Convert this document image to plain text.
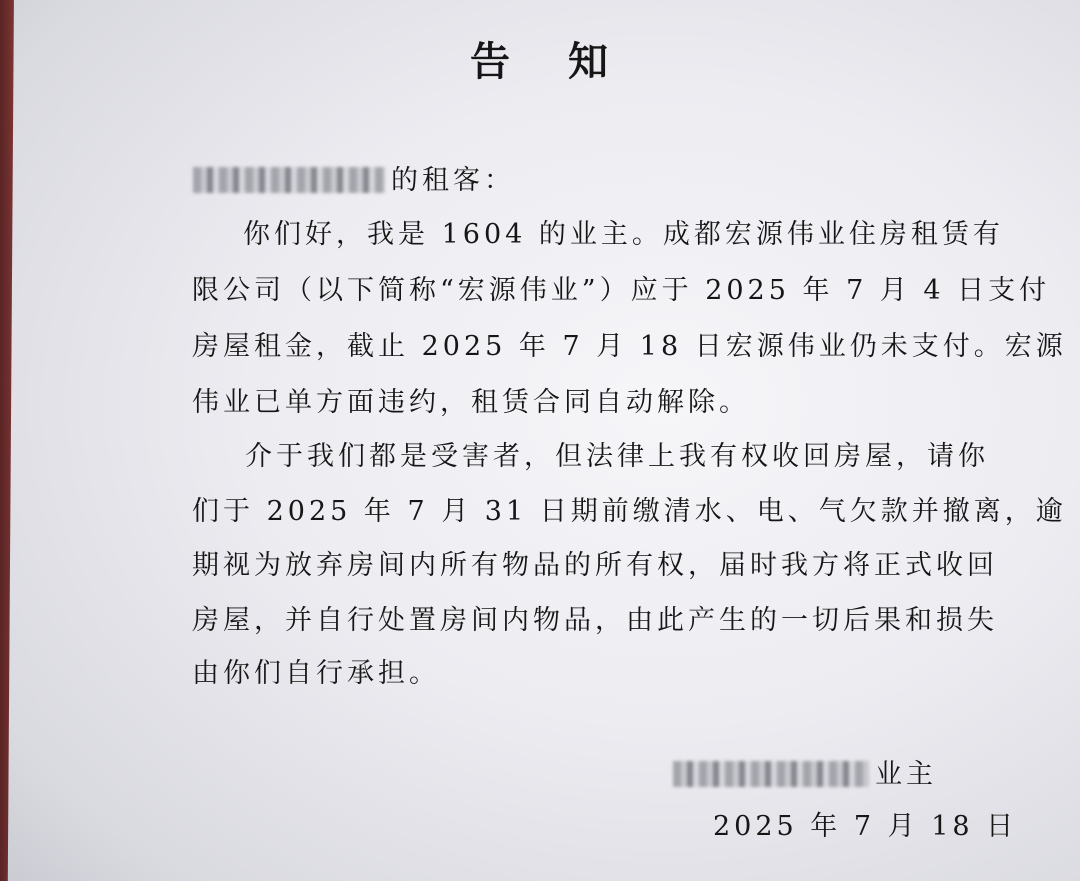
告 知
的租客：
你们好，我是 1604 的业主。成都宏源伟业住房租赁有
限公司（以下简称“宏源伟业”）应于 2025 年 7 月 4 日支付
房屋租金，截止 2025 年 7 月 18 日宏源伟业仍未支付。宏源
伟业已单方面违约，租赁合同自动解除。
介于我们都是受害者，但法律上我有权收回房屋，请你
们于 2025 年 7 月 31 日期前缴清水、电、气欠款并撤离，逾
期视为放弃房间内所有物品的所有权，届时我方将正式收回
房屋，并自行处置房间内物品，由此产生的一切后果和损失
由你们自行承担。
业主
2025 年 7 月 18 日
